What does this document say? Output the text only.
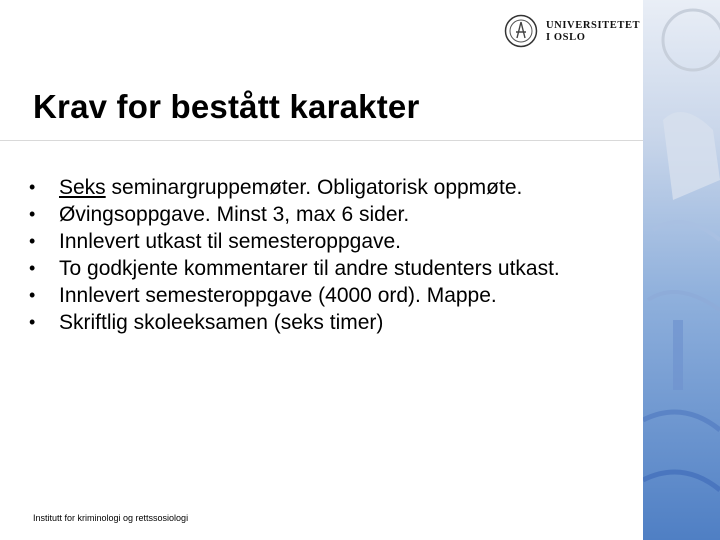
UNIVERSITETET
I OSLO
Krav for bestått karakter
• Seks seminargruppemøter. Obligatorisk oppmøte.
• Øvingsoppgave. Minst 3, max 6 sider.
• Innlevert utkast til semesteroppgave.
• To godkjente kommentarer til andre studenters utkast.
• Innlevert semesteroppgave (4000 ord). Mappe.
• Skriftlig skoleeksamen (seks timer)
Institutt for kriminologi og rettssosiologi
